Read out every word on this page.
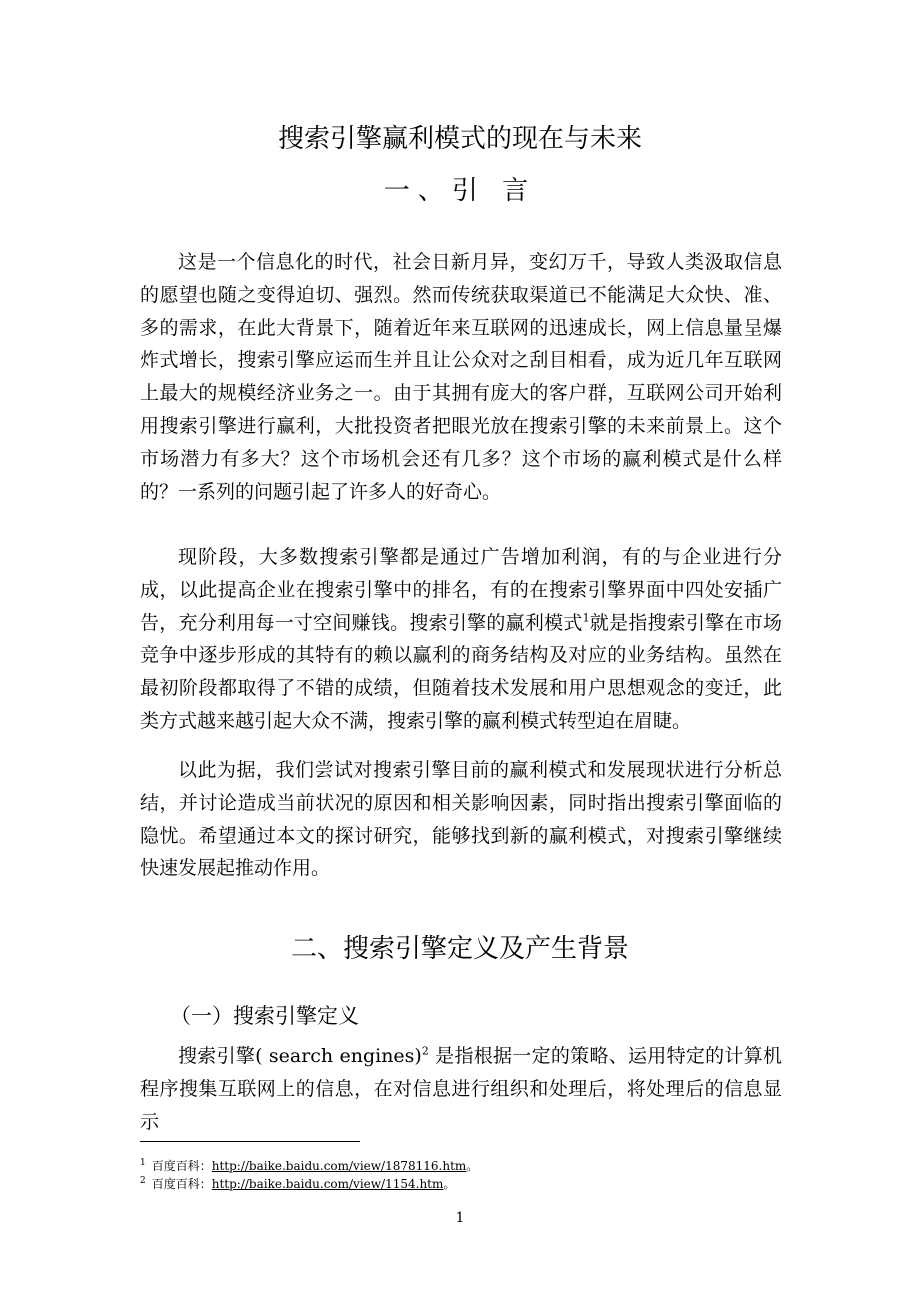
搜索引擎赢利模式的现在与未来
一、引 言

这是一个信息化的时代，社会日新月异，变幻万千，导致人类汲取信息的愿望也随之变得迫切、强烈。然而传统获取渠道已不能满足大众快、准、多的需求，在此大背景下，随着近年来互联网的迅速成长，网上信息量呈爆炸式增长，搜索引擎应运而生并且让公众对之刮目相看，成为近几年互联网上最大的规模经济业务之一。由于其拥有庞大的客户群，互联网公司开始利用搜索引擎进行赢利，大批投资者把眼光放在搜索引擎的未来前景上。这个市场潜力有多大？这个市场机会还有几多？这个市场的赢利模式是什么样的？一系列的问题引起了许多人的好奇心。

现阶段，大多数搜索引擎都是通过广告增加利润，有的与企业进行分成，以此提高企业在搜索引擎中的排名，有的在搜索引擎界面中四处安插广告，充分利用每一寸空间赚钱。搜索引擎的赢利模式$^1$就是指搜索引擎在市场竞争中逐步形成的其特有的赖以赢利的商务结构及对应的业务结构。虽然在最初阶段都取得了不错的成绩，但随着技术发展和用户思想观念的变迁，此类方式越来越引起大众不满，搜索引擎的赢利模式转型迫在眉睫。

以此为据，我们尝试对搜索引擎目前的赢利模式和发展现状进行分析总结，并讨论造成当前状况的原因和相关影响因素，同时指出搜索引擎面临的隐忧。希望通过本文的探讨研究，能够找到新的赢利模式，对搜索引擎继续快速发展起推动作用。

二、搜索引擎定义及产生背景
（一）搜索引擎定义

搜索引擎( search engines)$^2$ 是指根据一定的策略、运用特定的计算机程序搜集互联网上的信息，在对信息进行组织和处理后，将处理后的信息显示

$^1$ 百度百科：http://baike.baidu.com/view/1878116.htm。
$^2$ 百度百科：http://baike.baidu.com/view/1154.htm。
1
